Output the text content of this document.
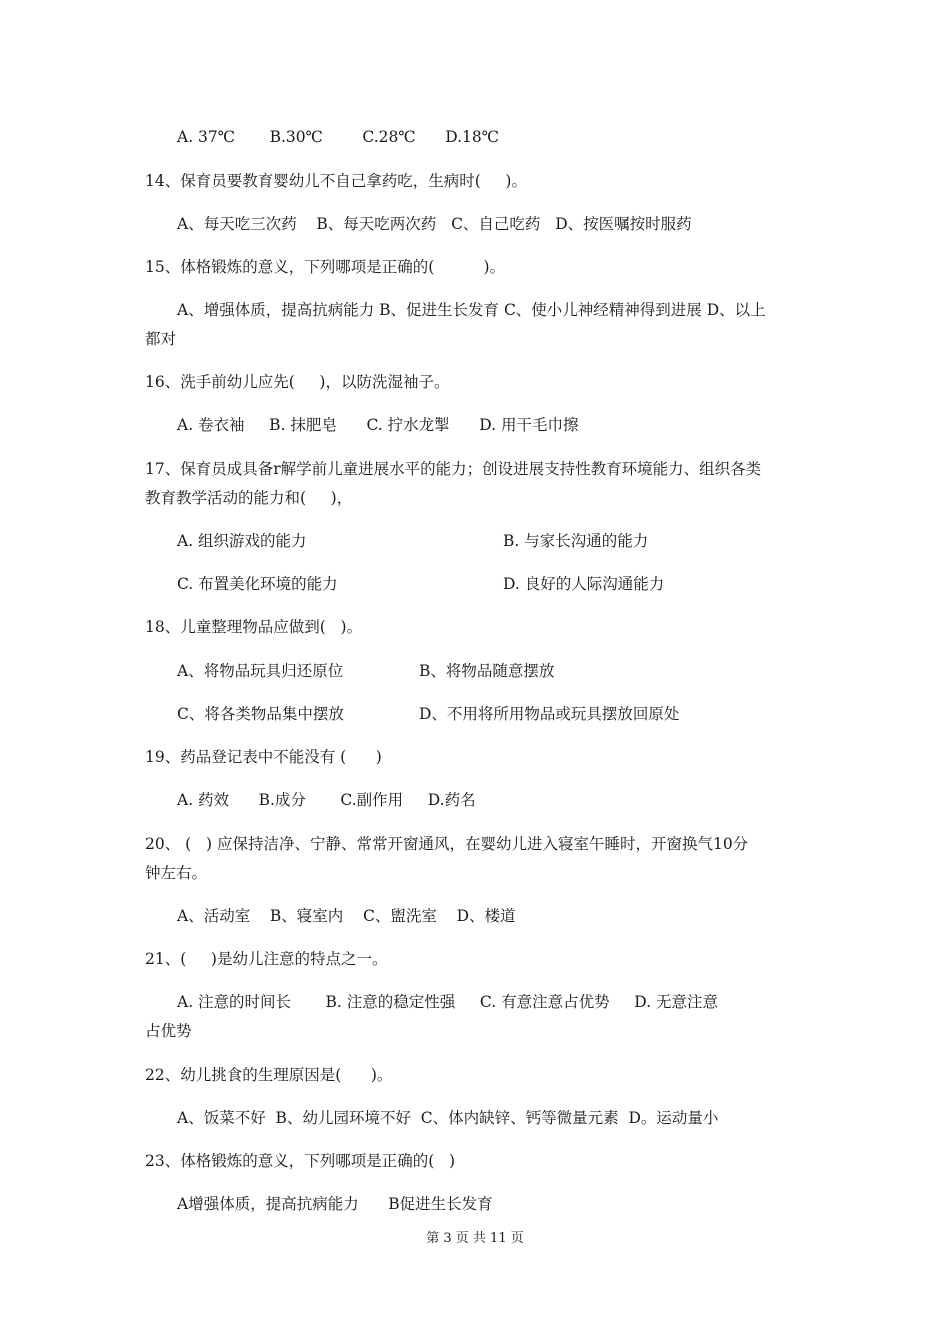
A. 37℃       B.30℃        C.28℃      D.18℃
14、保育员要教育婴幼儿不自己拿药吃，生病时(     )。
A、每天吃三次药    B、每天吃两次药   C、自己吃药   D、按医嘱按时服药
15、体格锻炼的意义，下列哪项是正确的(          )。
A、增强体质，提高抗病能力 B、促进生长发育 C、使小儿神经精神得到进展 D、以上
都对
16、洗手前幼儿应先(     )，以防洗湿袖子。
A. 卷衣袖     B. 抹肥皂      C. 拧水龙掣      D. 用干毛巾擦
17、保育员成具备r解学前儿童进展水平的能力；创设进展支持性教育环境能力、组织各类
教育教学活动的能力和(     )，
A. 组织游戏的能力	B. 与家长沟通的能力
C. 布置美化环境的能力	D. 良好的人际沟通能力
18、儿童整理物品应做到(   )。
A、将物品玩具归还原位	B、将物品随意摆放
C、将各类物品集中摆放	D、不用将所用物品或玩具摆放回原处
19、药品登记表中不能没有 (      )
A. 药效      B.成分       C.副作用     D.药名
20、 (   ) 应保持洁净、宁静、常常开窗通风，在婴幼儿进入寝室午睡时，开窗换气10分
钟左右。
A、活动室    B、寝室内    C、盥洗室    D、楼道
21、(     )是幼儿注意的特点之一。
A. 注意的时间长       B. 注意的稳定性强     C. 有意注意占优势     D. 无意注意
占优势
22、幼儿挑食的生理原因是(      )。
A、饭菜不好  B、幼儿园环境不好  C、体内缺锌、钙等微量元素  D。运动量小
23、体格锻炼的意义，下列哪项是正确的(   )
A增强体质，提高抗病能力      B促进生长发育
第 3 页 共 11 页
